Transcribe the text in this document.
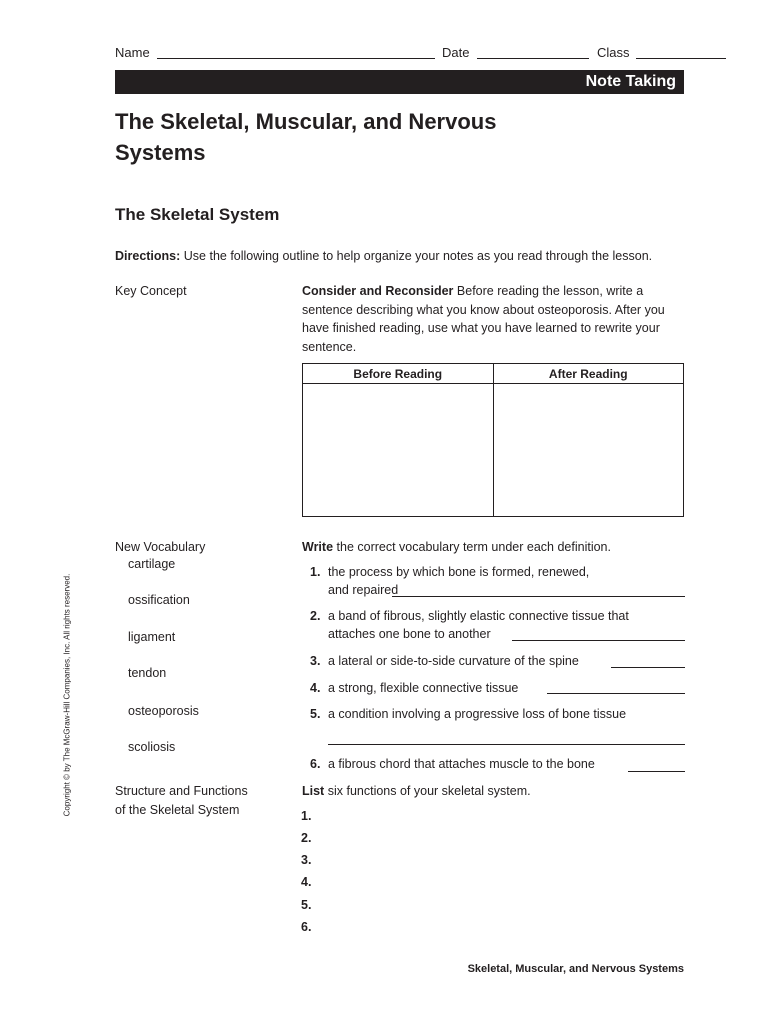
Name	Date	Class
Note Taking
The Skeletal, Muscular, and Nervous Systems
The Skeletal System
Directions: Use the following outline to help organize your notes as you read through the lesson.
Key Concept	Consider and Reconsider Before reading the lesson, write a sentence describing what you know about osteoporosis. After you have finished reading, use what you have learned to rewrite your sentence.
Before Reading	After Reading

New Vocabulary
cartilage
ossification
ligament
tendon
osteoporosis
scoliosis
Write the correct vocabulary term under each definition.
1. the process by which bone is formed, renewed,
and repaired
2. a band of fibrous, slightly elastic connective tissue that
attaches one bone to another
3. a lateral or side-to-side curvature of the spine
4. a strong, flexible connective tissue
5. a condition involving a progressive loss of bone tissue
6. a fibrous chord that attaches muscle to the bone
Structure and Functions
of the Skeletal System
List six functions of your skeletal system.
1.
2.
3.
4.
5.
6.
Copyright © by The McGraw-Hill Companies, Inc. All rights reserved.
Skeletal, Muscular, and Nervous Systems
